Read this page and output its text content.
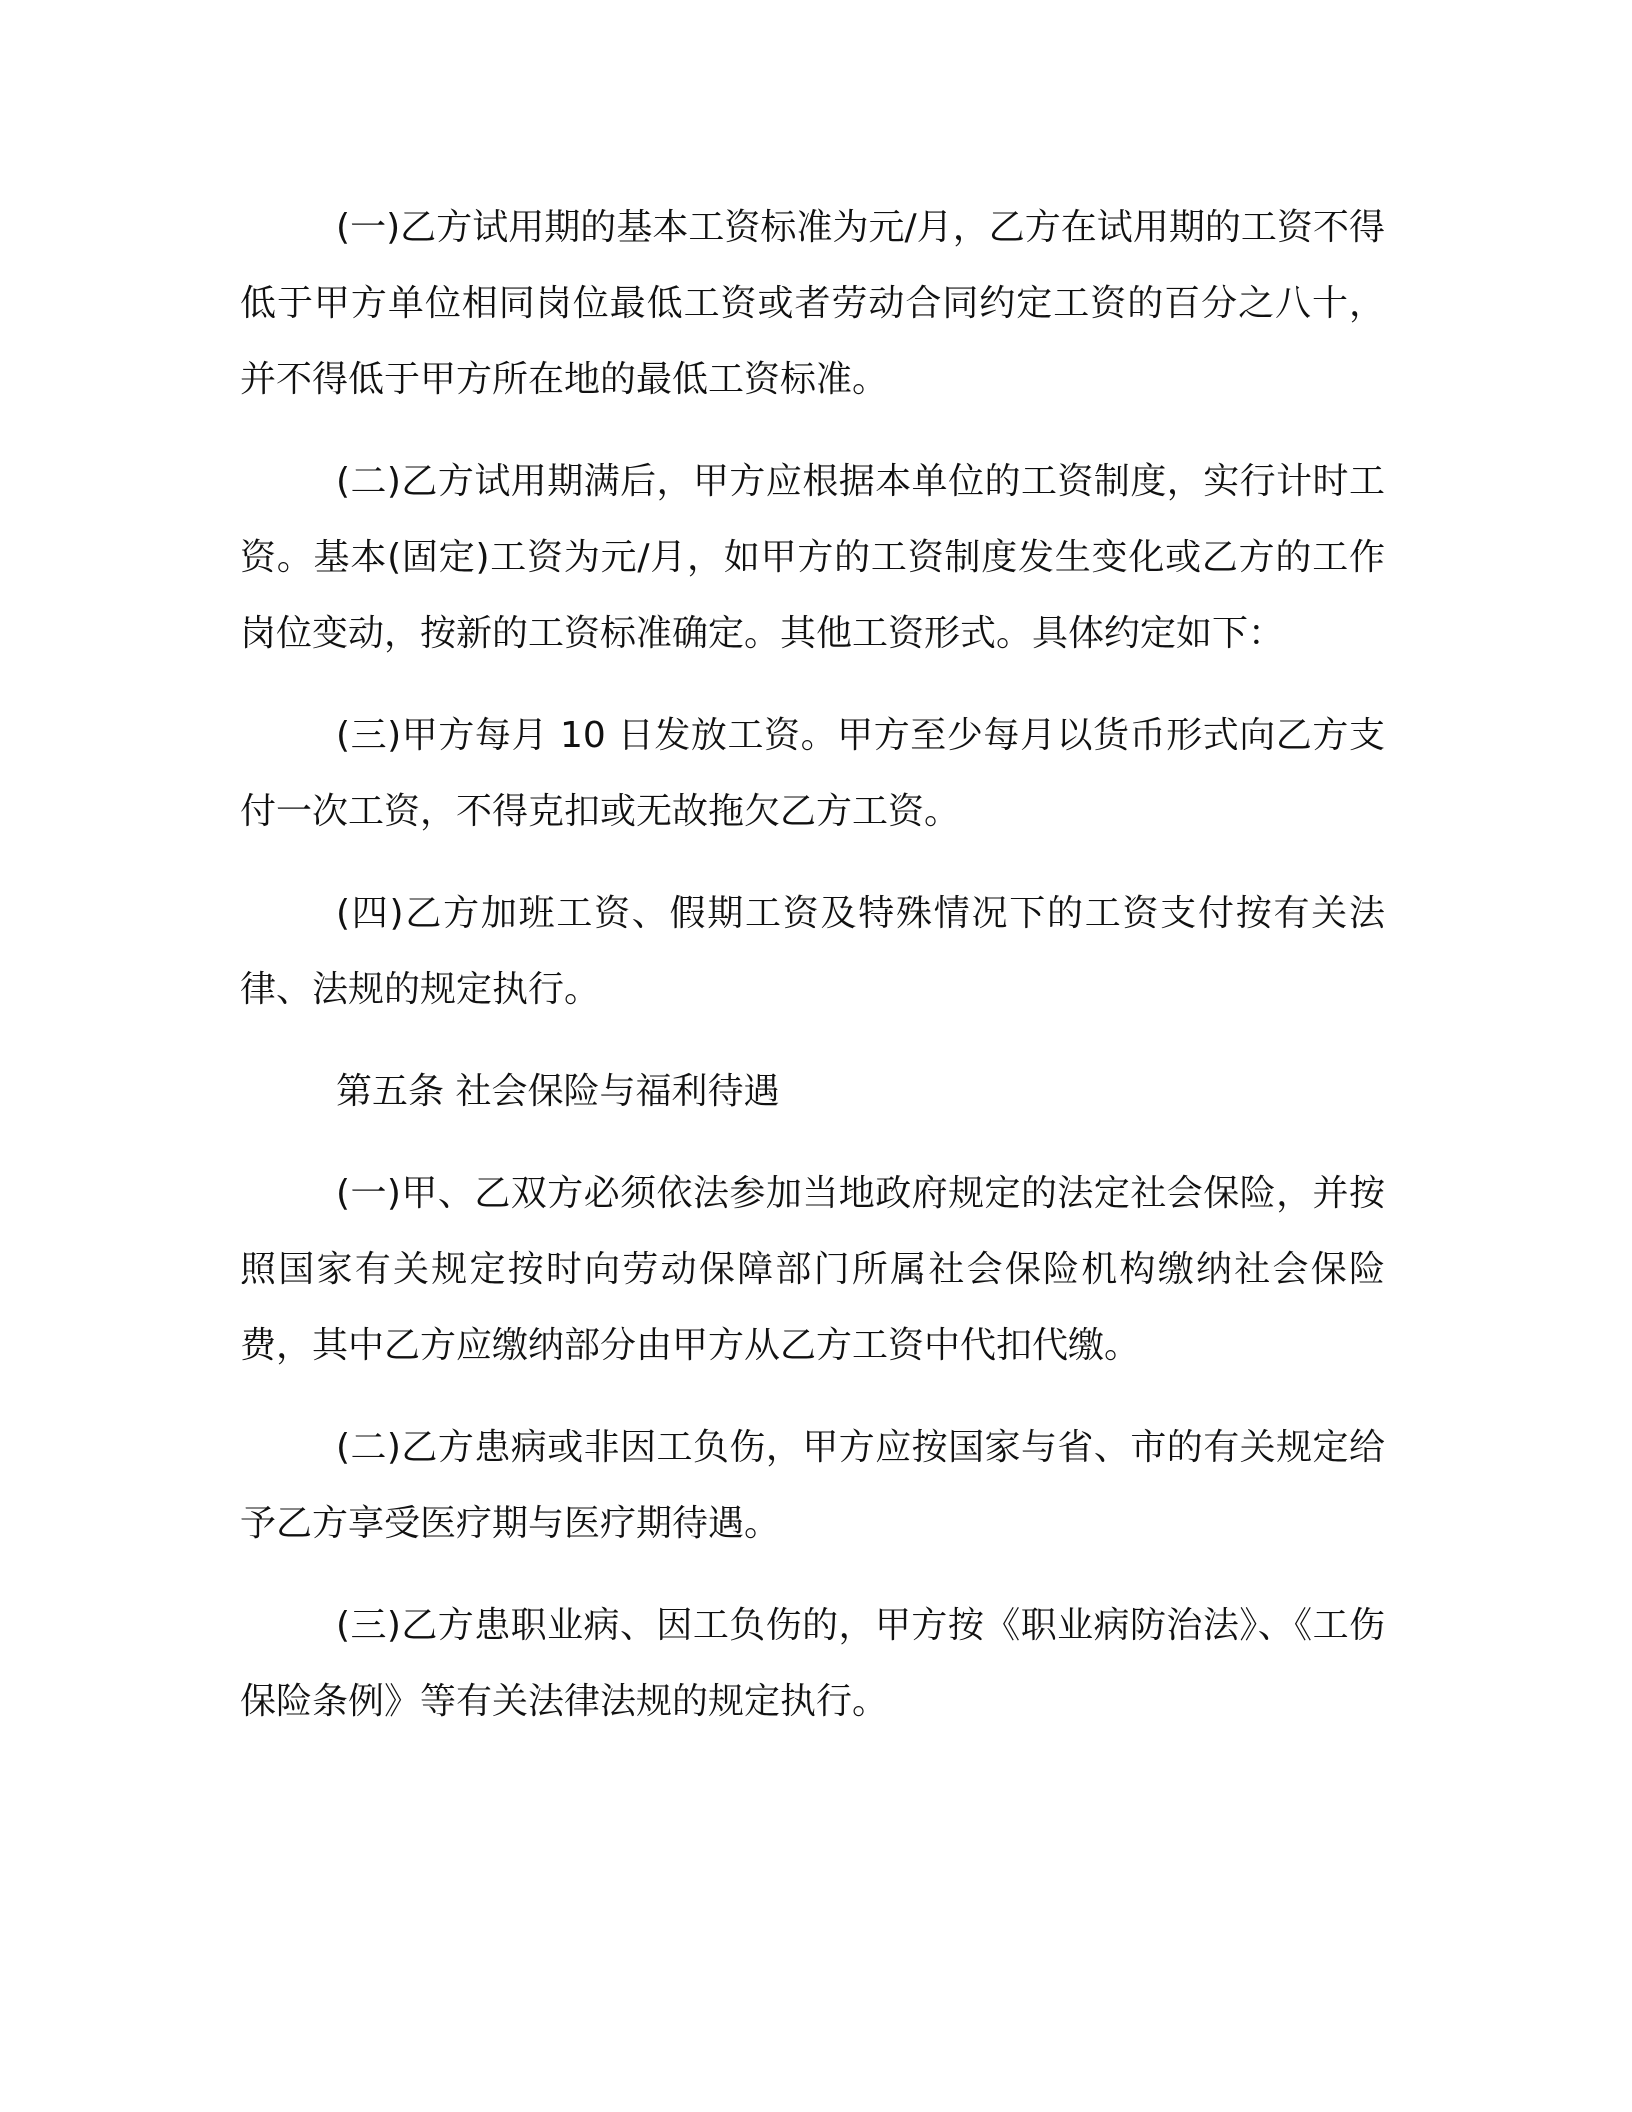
(一)乙方试用期的基本工资标准为元/月，乙方在试用期的工资不得低于甲方单位相同岗位最低工资或者劳动合同约定工资的百分之八十，并不得低于甲方所在地的最低工资标准。

(二)乙方试用期满后，甲方应根据本单位的工资制度，实行计时工资。基本(固定)工资为元/月，如甲方的工资制度发生变化或乙方的工作岗位变动，按新的工资标准确定。其他工资形式。具体约定如下：

(三)甲方每月 10 日发放工资。甲方至少每月以货币形式向乙方支付一次工资，不得克扣或无故拖欠乙方工资。

(四)乙方加班工资、假期工资及特殊情况下的工资支付按有关法律、法规的规定执行。

第五条 社会保险与福利待遇

(一)甲、乙双方必须依法参加当地政府规定的法定社会保险，并按照国家有关规定按时向劳动保障部门所属社会保险机构缴纳社会保险费，其中乙方应缴纳部分由甲方从乙方工资中代扣代缴。

(二)乙方患病或非因工负伤，甲方应按国家与省、市的有关规定给予乙方享受医疗期与医疗期待遇。

(三)乙方患职业病、因工负伤的，甲方按《职业病防治法》、《工伤保险条例》等有关法律法规的规定执行。
